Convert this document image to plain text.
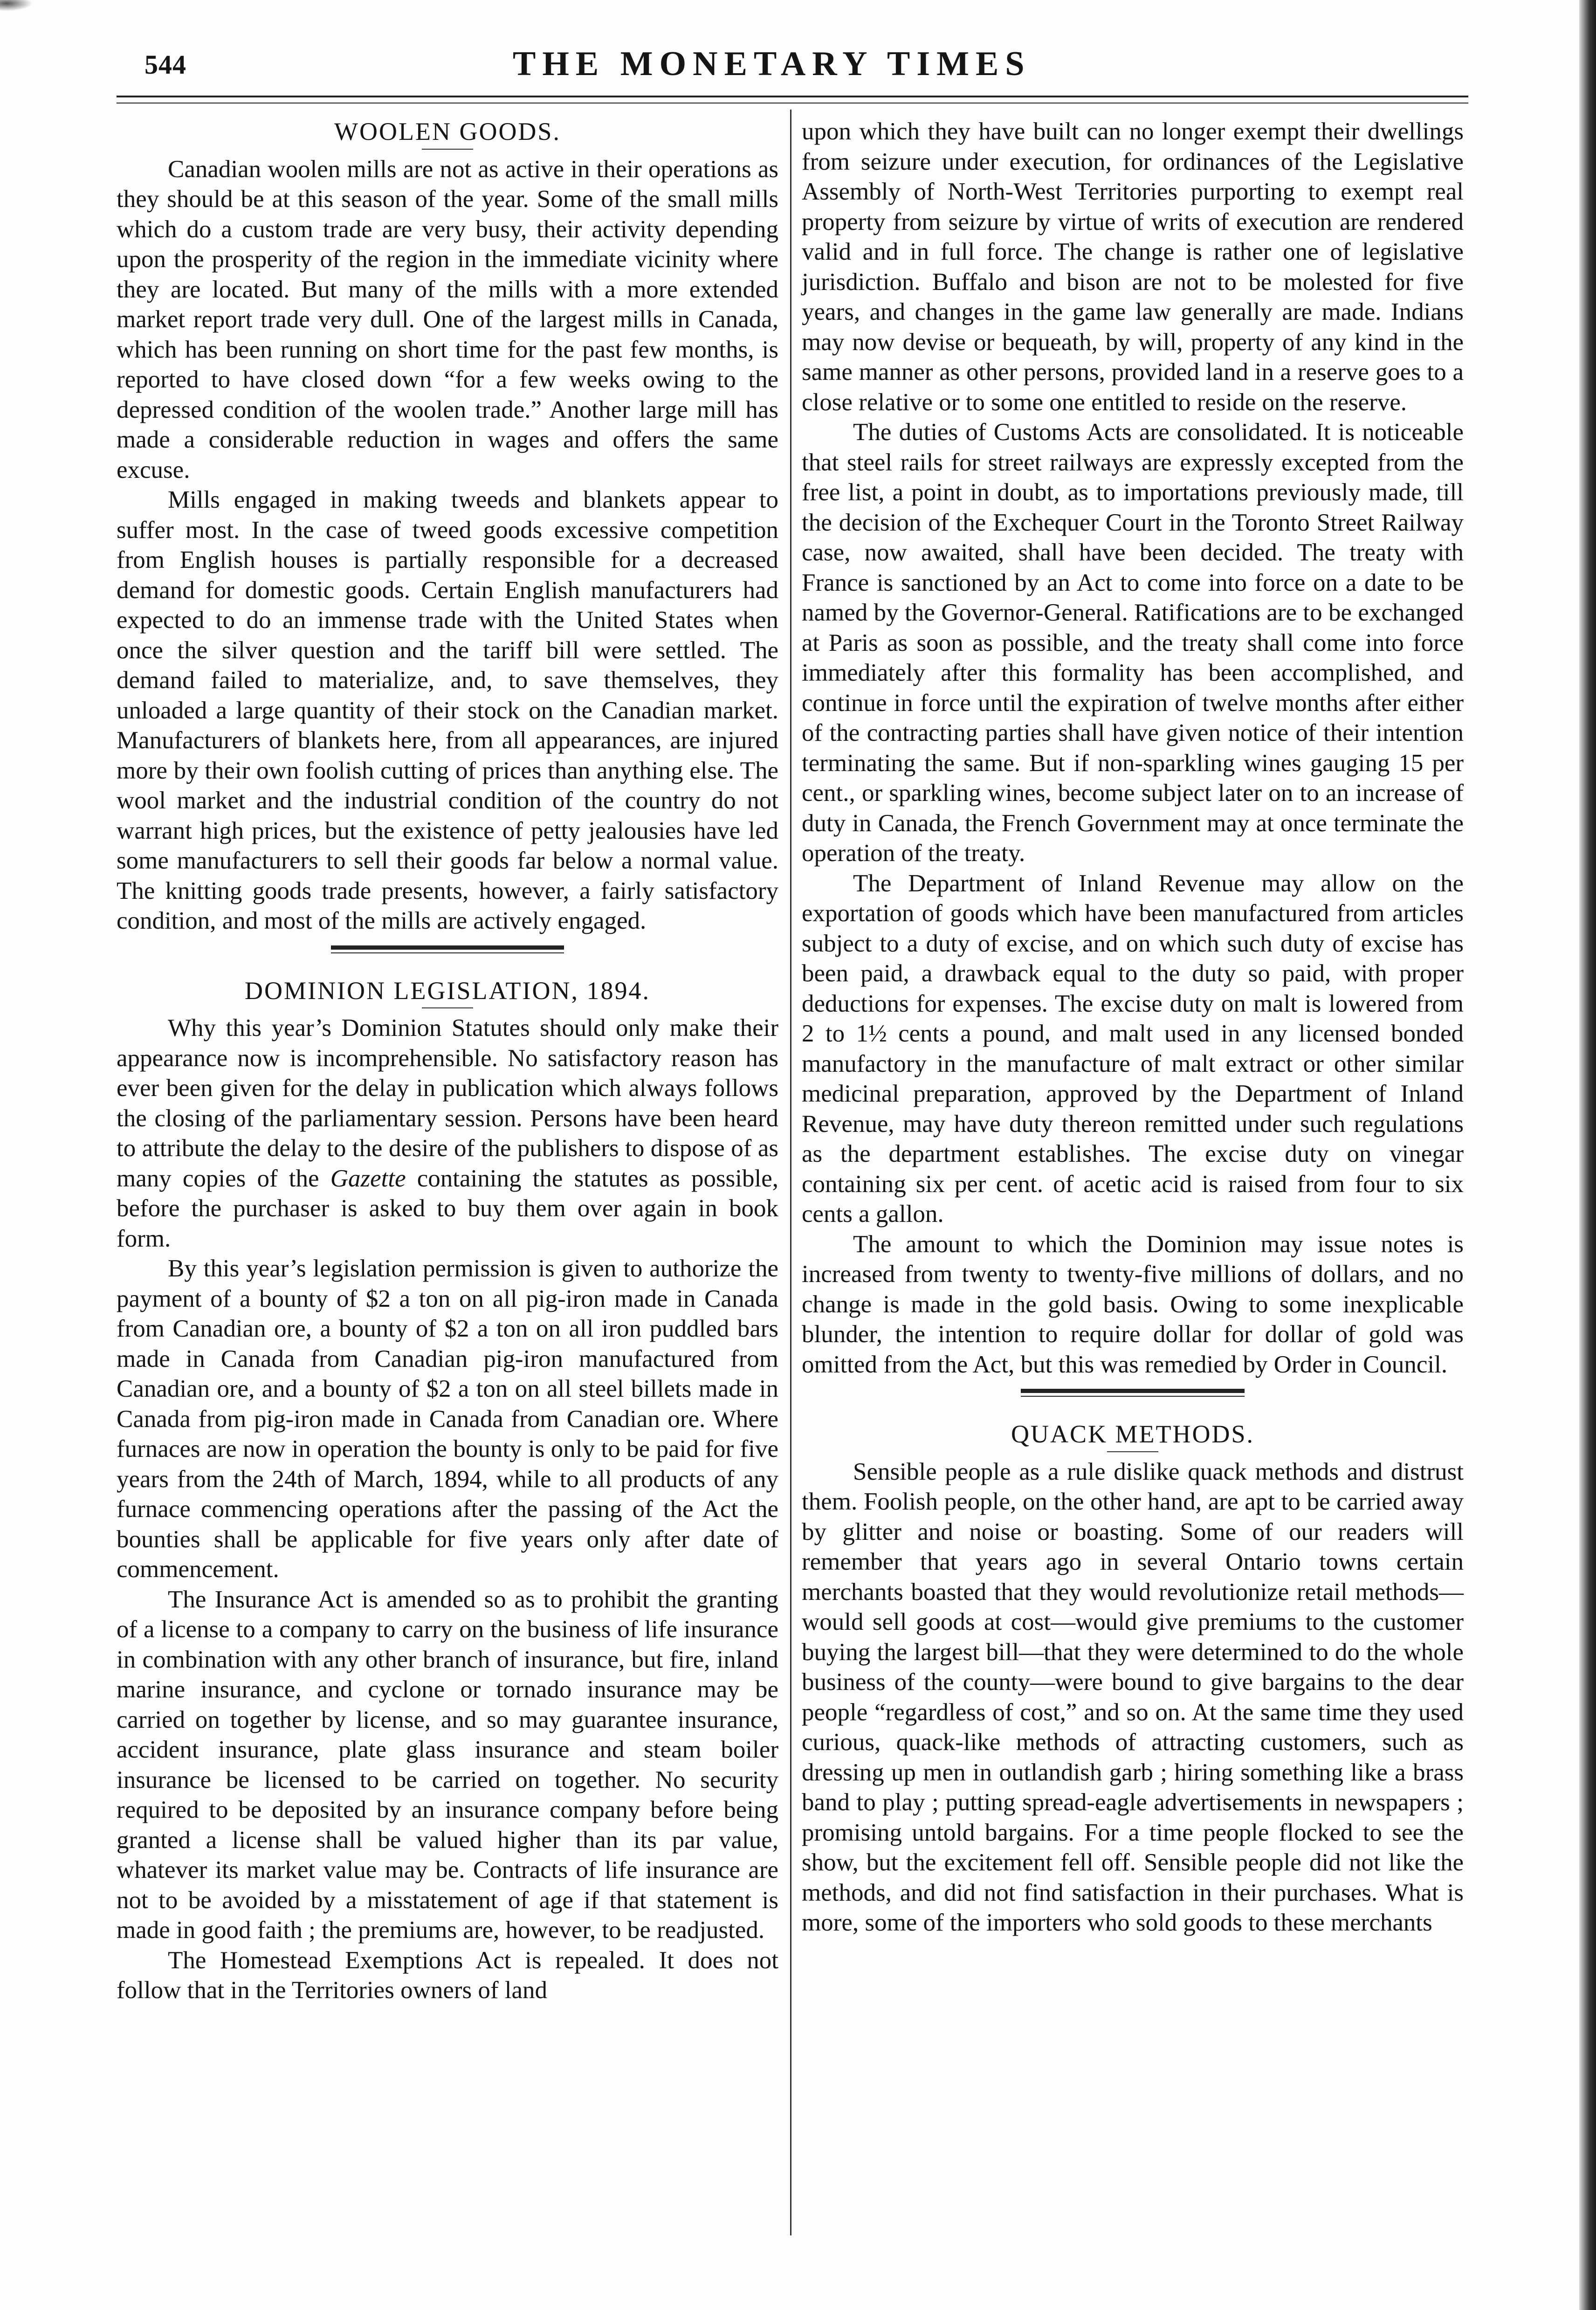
544	THE MONETARY TIMES
WOOLEN GOODS.

Canadian woolen mills are not as active in their operations as they should be at this season of the year. Some of the small mills which do a custom trade are very busy, their activity depending upon the prosperity of the region in the immediate vicinity where they are located. But many of the mills with a more extended market report trade very dull. One of the largest mills in Canada, which has been running on short time for the past few months, is reported to have closed down “for a few weeks owing to the depressed condition of the woolen trade.” Another large mill has made a considerable reduction in wages and offers the same excuse.

Mills engaged in making tweeds and blankets appear to suffer most. In the case of tweed goods excessive competition from English houses is partially responsible for a decreased demand for domestic goods. Certain English manufacturers had expected to do an immense trade with the United States when once the silver question and the tariff bill were settled. The demand failed to materialize, and, to save themselves, they unloaded a large quantity of their stock on the Canadian market. Manufacturers of blankets here, from all appearances, are injured more by their own foolish cutting of prices than anything else. The wool market and the industrial condition of the country do not warrant high prices, but the existence of petty jealousies have led some manufacturers to sell their goods far below a normal value. The knitting goods trade presents, however, a fairly satisfactory condition, and most of the mills are actively engaged.

DOMINION LEGISLATION, 1894.

Why this year’s Dominion Statutes should only make their appearance now is incomprehensible. No satisfactory reason has ever been given for the delay in publication which always follows the closing of the parliamentary session. Persons have been heard to attribute the delay to the desire of the publishers to dispose of as many copies of the Gazette containing the statutes as possible, before the purchaser is asked to buy them over again in book form.

By this year’s legislation permission is given to authorize the payment of a bounty of $2 a ton on all pig-iron made in Canada from Canadian ore, a bounty of $2 a ton on all iron puddled bars made in Canada from Canadian pig-iron manufactured from Canadian ore, and a bounty of $2 a ton on all steel billets made in Canada from pig-iron made in Canada from Canadian ore. Where furnaces are now in operation the bounty is only to be paid for five years from the 24th of March, 1894, while to all products of any furnace commencing operations after the passing of the Act the bounties shall be applicable for five years only after date of commencement.

The Insurance Act is amended so as to prohibit the granting of a license to a company to carry on the business of life insurance in combination with any other branch of insurance, but fire, inland marine insurance, and cyclone or tornado insurance may be carried on together by license, and so may guarantee insurance, accident insurance, plate glass insurance and steam boiler insurance be licensed to be carried on together. No security required to be deposited by an insurance company before being granted a license shall be valued higher than its par value, whatever its market value may be. Contracts of life insurance are not to be avoided by a misstatement of age if that statement is made in good faith ; the premiums are, however, to be readjusted.

The Homestead Exemptions Act is repealed. It does not follow that in the Territories owners of land

upon which they have built can no longer exempt their dwellings from seizure under execution, for ordinances of the Legislative Assembly of North-West Territories purporting to exempt real property from seizure by virtue of writs of execution are rendered valid and in full force. The change is rather one of legislative jurisdiction. Buffalo and bison are not to be molested for five years, and changes in the game law generally are made. Indians may now devise or bequeath, by will, property of any kind in the same manner as other persons, provided land in a reserve goes to a close relative or to some one entitled to reside on the reserve.

The duties of Customs Acts are consolidated. It is noticeable that steel rails for street railways are expressly excepted from the free list, a point in doubt, as to importations previously made, till the decision of the Exchequer Court in the Toronto Street Railway case, now awaited, shall have been decided. The treaty with France is sanctioned by an Act to come into force on a date to be named by the Governor-General. Ratifications are to be exchanged at Paris as soon as possible, and the treaty shall come into force immediately after this formality has been accomplished, and continue in force until the expiration of twelve months after either of the contracting parties shall have given notice of their intention terminating the same. But if non-sparkling wines gauging 15 per cent., or sparkling wines, become subject later on to an increase of duty in Canada, the French Government may at once terminate the operation of the treaty.

The Department of Inland Revenue may allow on the exportation of goods which have been manufactured from articles subject to a duty of excise, and on which such duty of excise has been paid, a drawback equal to the duty so paid, with proper deductions for expenses. The excise duty on malt is lowered from 2 to 1½ cents a pound, and malt used in any licensed bonded manufactory in the manufacture of malt extract or other similar medicinal preparation, approved by the Department of Inland Revenue, may have duty thereon remitted under such regulations as the department establishes. The excise duty on vinegar containing six per cent. of acetic acid is raised from four to six cents a gallon.

The amount to which the Dominion may issue notes is increased from twenty to twenty-five millions of dollars, and no change is made in the gold basis. Owing to some inexplicable blunder, the intention to require dollar for dollar of gold was omitted from the Act, but this was remedied by Order in Council.

QUACK METHODS.

Sensible people as a rule dislike quack methods and distrust them. Foolish people, on the other hand, are apt to be carried away by glitter and noise or boasting. Some of our readers will remember that years ago in several Ontario towns certain merchants boasted that they would revolutionize retail methods—would sell goods at cost—would give premiums to the customer buying the largest bill—that they were determined to do the whole business of the county—were bound to give bargains to the dear people “regardless of cost,” and so on. At the same time they used curious, quack-like methods of attracting customers, such as dressing up men in outlandish garb ; hiring something like a brass band to play ; putting spread-eagle advertisements in newspapers ; promising untold bargains. For a time people flocked to see the show, but the excitement fell off. Sensible people did not like the methods, and did not find satisfaction in their purchases. What is more, some of the importers who sold goods to these merchants
